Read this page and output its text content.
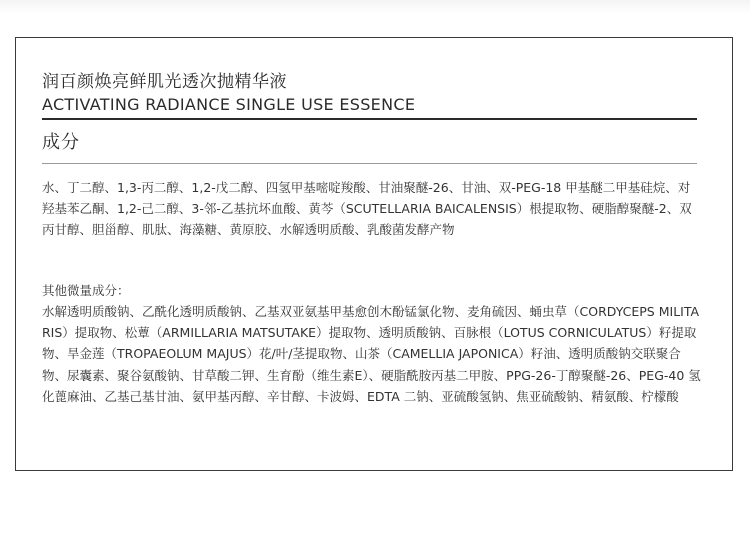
润百颜焕亮鲜肌光透次抛精华液
ACTIVATING RADIANCE SINGLE USE ESSENCE
成分

水、丁二醇、1,3-丙二醇、1,2-戊二醇、四氢甲基嘧啶羧酸、甘油聚醚-26、甘油、双-PEG-18 甲基醚二甲基硅烷、对羟基苯乙酮、1,2-己二醇、3-邻-乙基抗坏血酸、黄芩（SCUTELLARIA BAICALENSIS）根提取物、硬脂醇聚醚-2、双丙甘醇、胆甾醇、肌肽、海藻糖、黄原胶、水解透明质酸、乳酸菌发酵产物

其他微量成分：

水解透明质酸钠、乙酰化透明质酸钠、乙基双亚氨基甲基愈创木酚锰氯化物、麦角硫因、蛹虫草（CORDYCEPS MILITARIS）提取物、松蕈（ARMILLARIA MATSUTAKE）提取物、透明质酸钠、百脉根（LOTUS CORNICULATUS）籽提取物、旱金莲（TROPAEOLUM MAJUS）花/叶/茎提取物、山茶（CAMELLIA JAPONICA）籽油、透明质酸钠交联聚合物、尿囊素、聚谷氨酸钠、甘草酸二钾、生育酚（维生素E）、硬脂酰胺丙基二甲胺、PPG-26-丁醇聚醚-26、PEG-40 氢化蓖麻油、乙基己基甘油、氨甲基丙醇、辛甘醇、卡波姆、EDTA 二钠、亚硫酸氢钠、焦亚硫酸钠、精氨酸、柠檬酸
